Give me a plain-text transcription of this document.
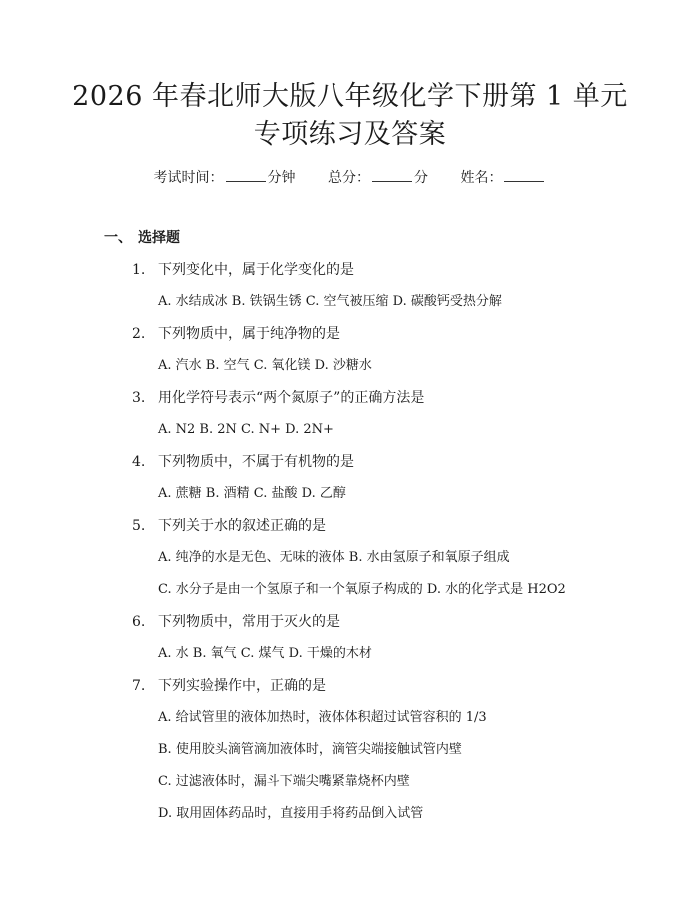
2026 年春北师大版八年级化学下册第 1 单元
专项练习及答案
考试时间：	分钟 总分：	分 姓名：
一、 选择题
1. 下列变化中，属于化学变化的是
A. 水结成冰 B. 铁锅生锈 C. 空气被压缩 D. 碳酸钙受热分解
2. 下列物质中，属于纯净物的是
A. 汽水 B. 空气 C. 氧化镁 D. 沙糖水
3. 用化学符号表示“两个氮原子”的正确方法是
A. N2 B. 2N C. N+ D. 2N+
4. 下列物质中，不属于有机物的是
A. 蔗糖 B. 酒精 C. 盐酸 D. 乙醇
5. 下列关于水的叙述正确的是
A. 纯净的水是无色、无味的液体 B. 水由氢原子和氧原子组成
C. 水分子是由一个氢原子和一个氧原子构成的 D. 水的化学式是 H2O2
6. 下列物质中，常用于灭火的是
A. 水 B. 氧气 C. 煤气 D. 干燥的木材
7. 下列实验操作中，正确的是
A. 给试管里的液体加热时，液体体积超过试管容积的 1/3
B. 使用胶头滴管滴加液体时，滴管尖端接触试管内壁
C. 过滤液体时，漏斗下端尖嘴紧靠烧杯内壁
D. 取用固体药品时，直接用手将药品倒入试管
